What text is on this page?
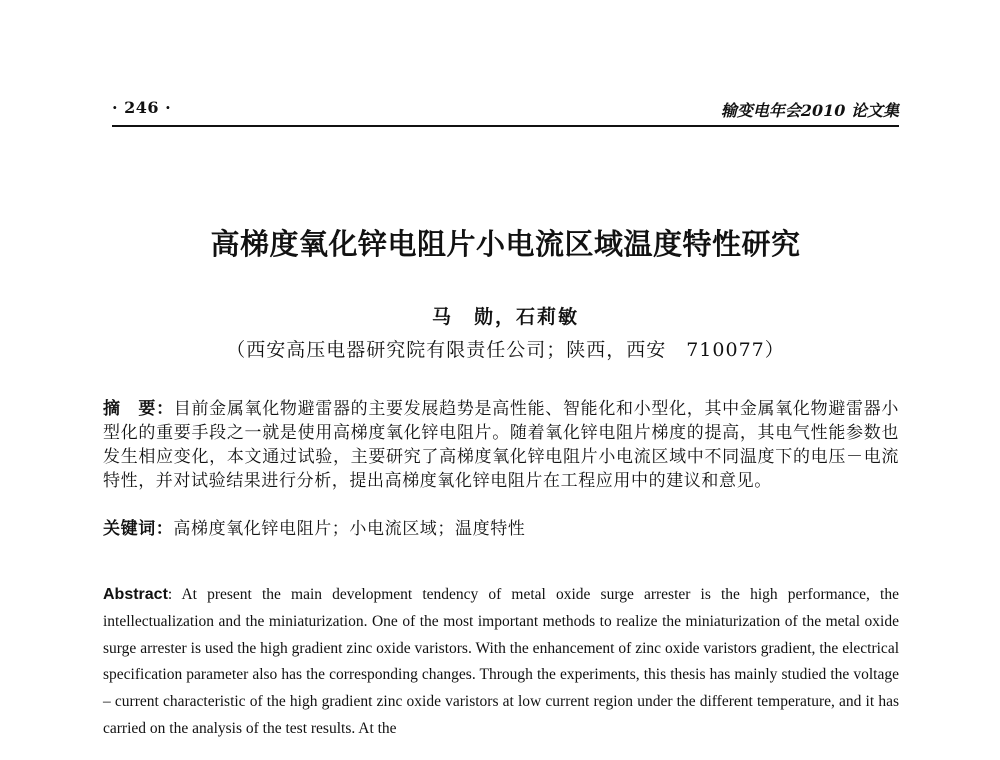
· 246 ·	输变电年会2010 论文集
高梯度氧化锌电阻片小电流区域温度特性研究
马　勋，石莉敏
（西安高压电器研究院有限责任公司；陕西，西安　710077）
摘　要：目前金属氧化物避雷器的主要发展趋势是高性能、智能化和小型化，其中金属氧化物避雷器小型化的重要手段之一就是使用高梯度氧化锌电阻片。随着氧化锌电阻片梯度的提高，其电气性能参数也发生相应变化，本文通过试验，主要研究了高梯度氧化锌电阻片小电流区域中不同温度下的电压－电流特性，并对试验结果进行分析，提出高梯度氧化锌电阻片在工程应用中的建议和意见。
关键词：高梯度氧化锌电阻片；小电流区域；温度特性
Abstract: At present the main development tendency of metal oxide surge arrester is the high performance, the intellectualization and the miniaturization. One of the most important methods to realize the miniaturization of the metal oxide surge arrester is used the high gradient zinc oxide varistors. With the enhancement of zinc oxide varistors gradient, the electrical specification parameter also has the corresponding changes. Through the experiments, this thesis has mainly studied the voltage – current characteristic of the high gradient zinc oxide varistors at low current region under the different temperature, and it has carried on the analysis of the test results. At the
